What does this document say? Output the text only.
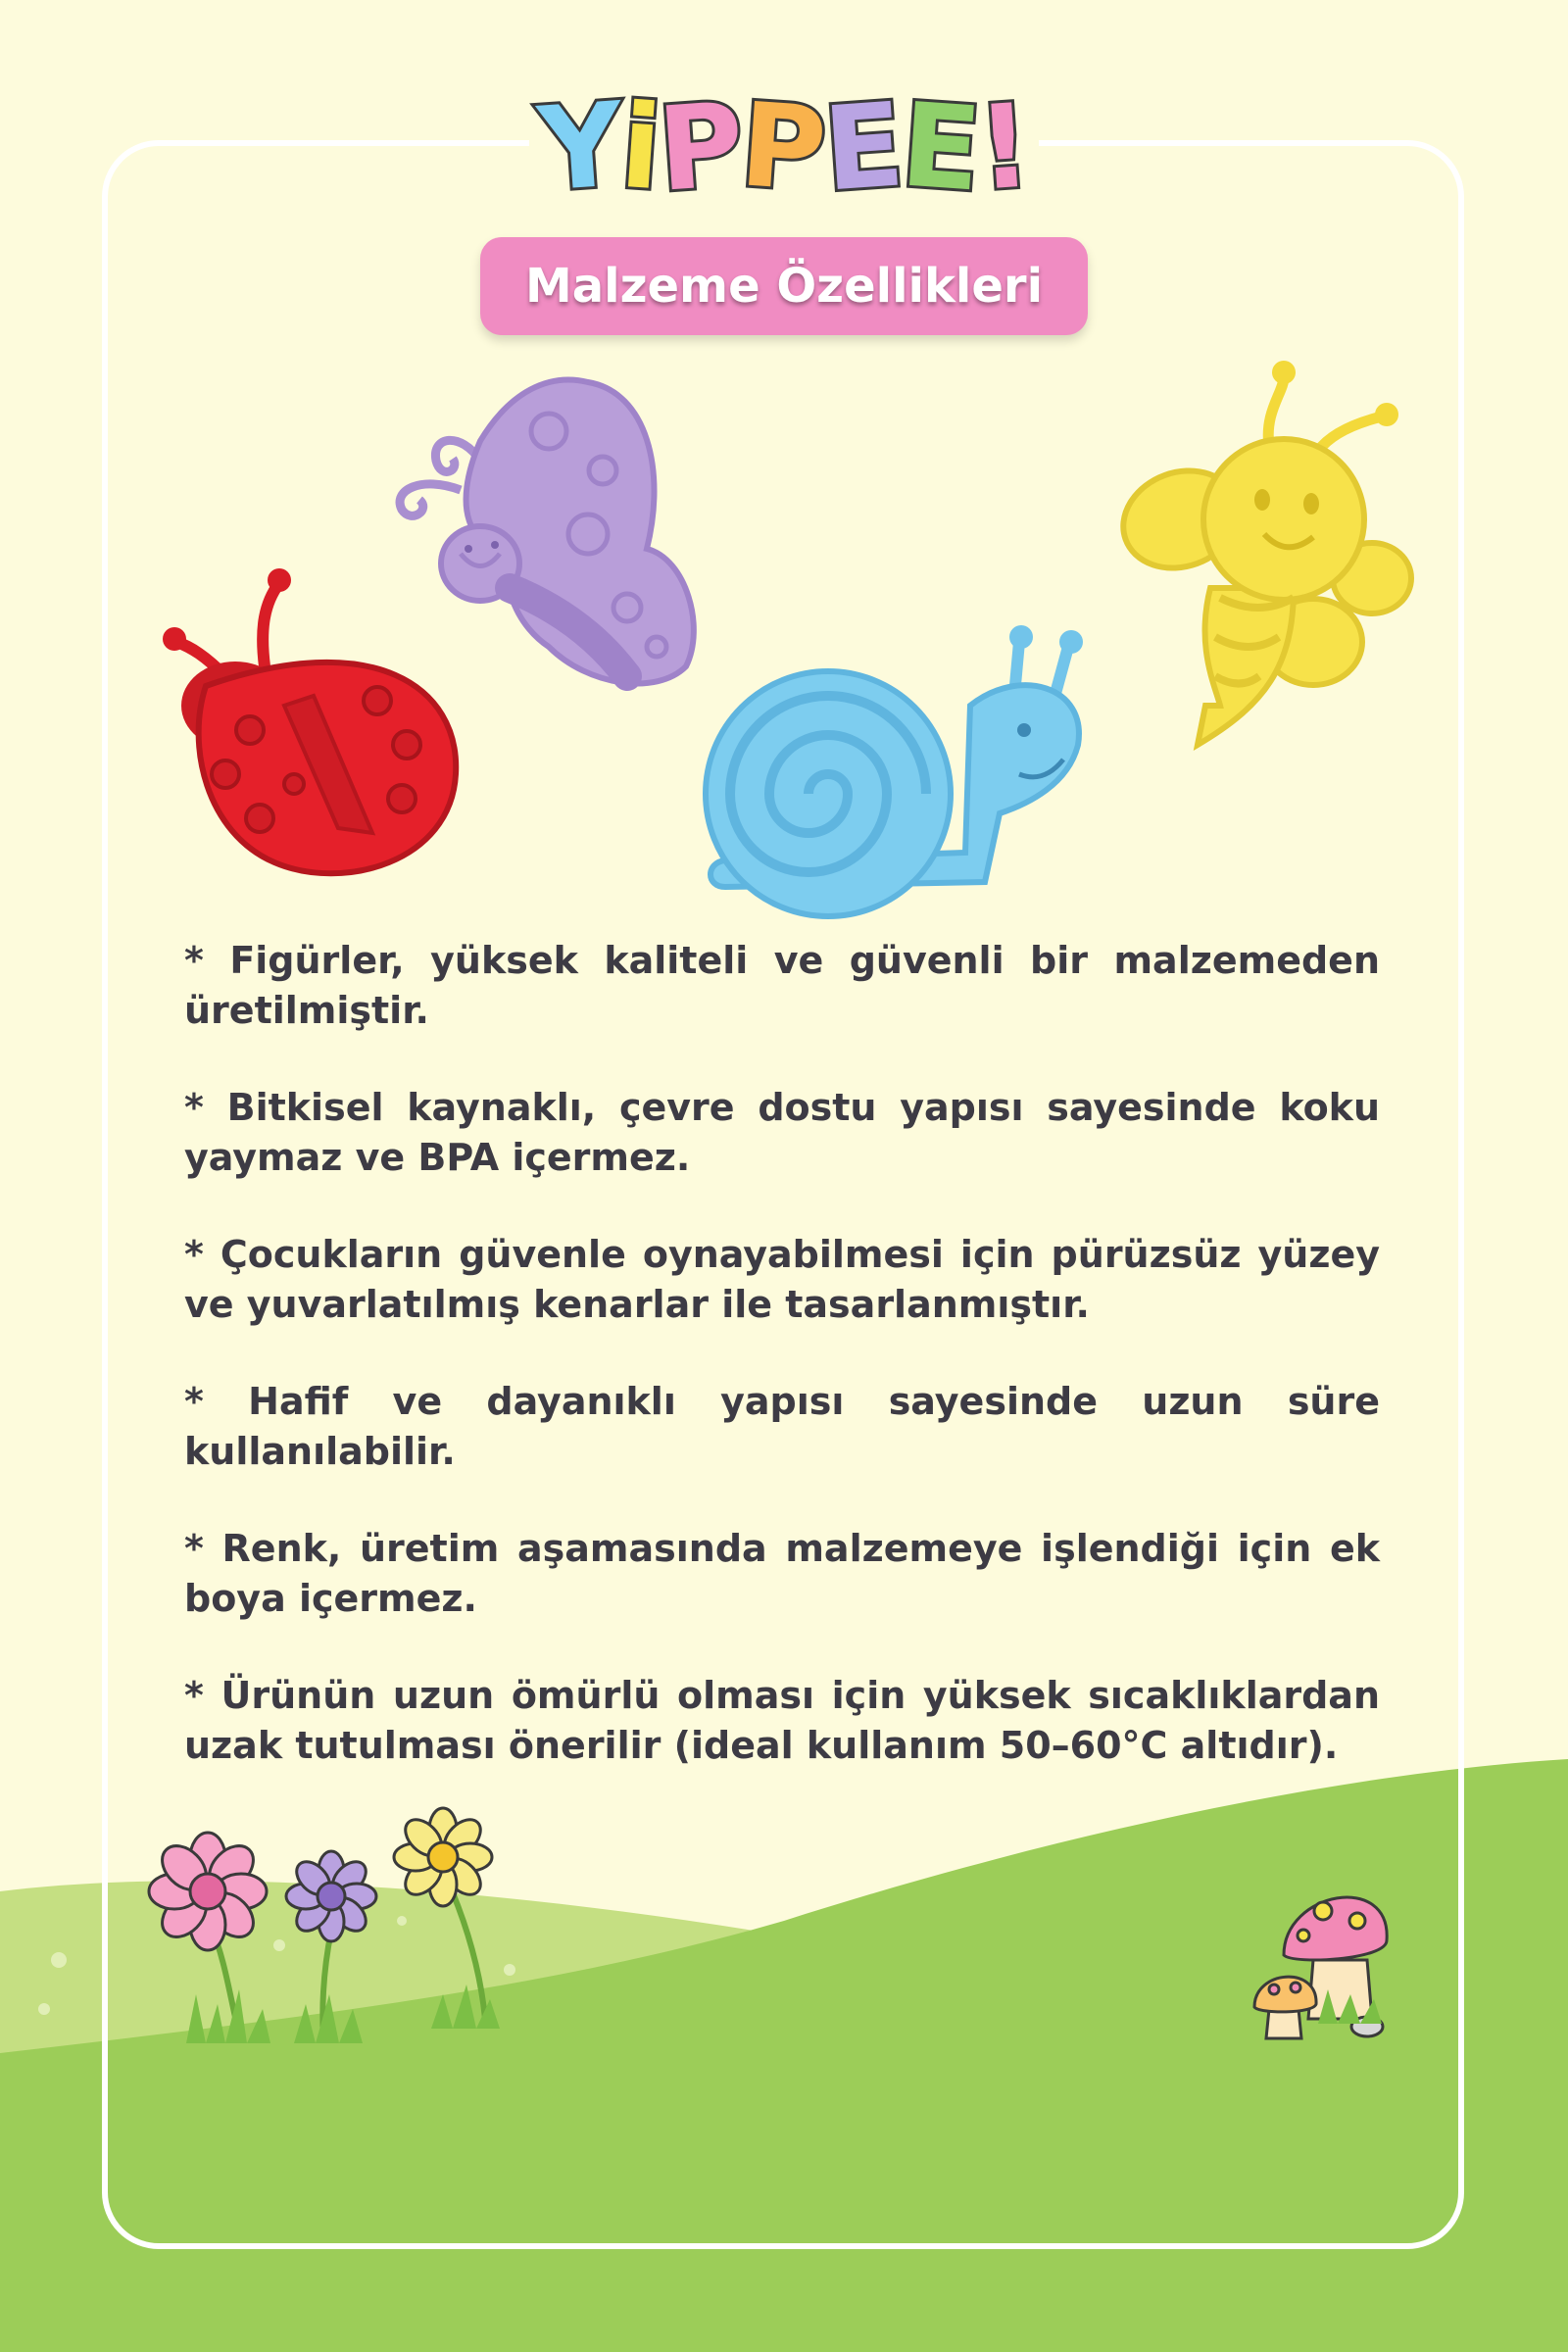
Y
i
P
P
E
E
!
Malzeme Özellikleri

* Figürler, yüksek kaliteli ve güvenli bir malzemeden üretilmiştir.

* Bitkisel kaynaklı, çevre dostu yapısı sayesinde koku yaymaz ve BPA içermez.

* Çocukların güvenle oynayabilmesi için pürüzsüz yüzey ve yuvarlatılmış kenarlar ile tasarlanmıştır.

* Hafif ve dayanıklı yapısı sayesinde uzun süre kullanılabilir.

* Renk, üretim aşamasında malzemeye işlendiği için ek boya içermez.

* Ürünün uzun ömürlü olması için yüksek sıcaklıklardan uzak tutulması önerilir (ideal kullanım 50–60°C altıdır).
